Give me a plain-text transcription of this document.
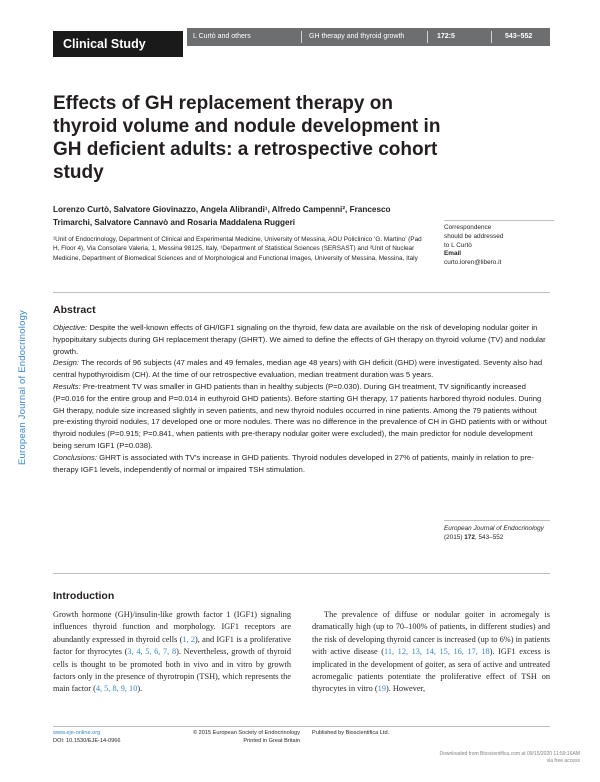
Clinical Study
L Curtò and others	GH therapy and thyroid growth	172:5	543–552
European Journal of Endocrinology
Effects of GH replacement therapy on thyroid volume and nodule development in GH deficient adults: a retrospective cohort study
Lorenzo Curtò, Salvatore Giovinazzo, Angela Alibrandi¹, Alfredo Campenni², Francesco Trimarchi, Salvatore Cannavò and Rosaria Maddalena Ruggeri
¹Unit of Endocrinology, Department of Clinical and Experimental Medicine, University of Messina, AOU Policlinico ‘G. Martino’ (Pad H, Floor 4), Via Consolare Valeria, 1, Messina 98125, Italy, ¹Department of Statistical Sciences (SERSAST) and ²Unit of Nuclear Medicine, Department of Biomedical Sciences and of Morphological and Functional Images, University of Messina, Messina, Italy
Correspondence
should be addressed
to L Curtò
Email
curto.loren@libero.it
Abstract

Objective: Despite the well-known effects of GH/IGF1 signaling on the thyroid, few data are available on the risk of developing nodular goiter in hypopituitary subjects during GH replacement therapy (GHRT). We aimed to define the effects of GH therapy on thyroid volume (TV) and nodular growth.

Design: The records of 96 subjects (47 males and 49 females, median age 48 years) with GH deficit (GHD) were investigated. Seventy also had central hypothyroidism (CH). At the time of our retrospective evaluation, median treatment duration was 5 years.

Results: Pre-treatment TV was smaller in GHD patients than in healthy subjects (P=0.030). During GH treatment, TV significantly increased (P=0.016 for the entire group and P=0.014 in euthyroid GHD patients). Before starting GH therapy, 17 patients harbored thyroid nodules. During GH therapy, nodule size increased slightly in seven patients, and new thyroid nodules occurred in nine patients. Among the 79 patients without pre-existing thyroid nodules, 17 developed one or more nodules. There was no difference in the prevalence of CH in GHD patients with or without thyroid nodules (P=0.915; P=0.841, when patients with pre-therapy nodular goiter were excluded), the main predictor for nodule development being serum IGF1 (P=0.038).

Conclusions: GHRT is associated with TV’s increase in GHD patients. Thyroid nodules developed in 27% of patients, mainly in relation to pre-therapy IGF1 levels, independently of normal or impaired TSH stimulation.

European Journal of Endocrinology
(2015) 172, 543–552
Introduction
Growth hormone (GH)/insulin-like growth factor 1 (IGF1) signaling influences thyroid function and morphology. IGF1 receptors are abundantly expressed in thyroid cells (1, 2), and IGF1 is a proliferative factor for thyrocytes (3, 4, 5, 6, 7, 8). Nevertheless, growth of thyroid cells is thought to be promoted both in vivo and in vitro by growth factors only in the presence of thyrotropin (TSH), which represents the main factor (4, 5, 8, 9, 10).
The prevalence of diffuse or nodular goiter in acromegaly is dramatically high (up to 70–100% of patients, in different studies) and the risk of developing thyroid cancer is increased (up to 6%) in patients with active disease (11, 12, 13, 14, 15, 16, 17, 18). IGF1 excess is implicated in the development of goiter, as sera of active and untreated acromegalic patients potentiate the proliferative effect of TSH on thyrocytes in vitro (19). However,
www.eje-online.org
DOI: 10.1530/EJE-14-0966
© 2015 European Society of Endocrinology
Printed in Great Britain
Published by Bioscientifica Ltd.
Downloaded from Bioscientifica.com at 09/15/2020 11:59:16AM
via free access
